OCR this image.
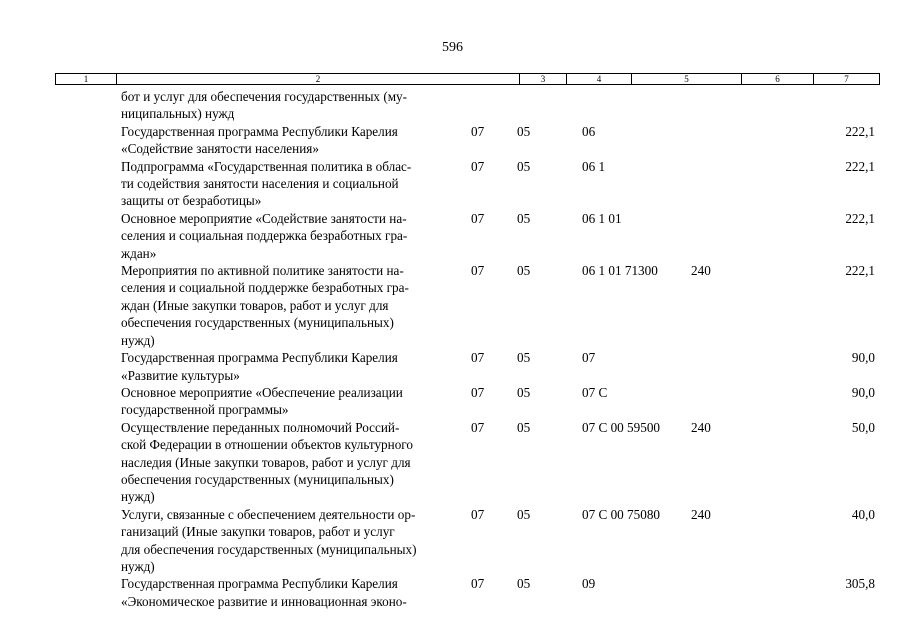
596
1	2	3	4	5	6	7
бот и услуг для обеспечения государственных (му-
ниципальных) нужд
Государственная программа Республики Карелия
«Содействие занятости населения»
07 05	06	222,1
Подпрограмма «Государственная политика в облас-
ти содействия занятости населения и социальной
защиты от безработицы»
07 05	06 1	222,1
Основное мероприятие «Содействие занятости на-
селения и социальная поддержка безработных гра-
ждан»
07 05	06 1 01	222,1
Мероприятия по активной политике занятости на-
селения и социальной поддержке безработных гра-
ждан (Иные закупки товаров, работ и услуг для
обеспечения государственных (муниципальных)
нужд)
07 05	06 1 01 71300	240	222,1
Государственная программа Республики Карелия
«Развитие культуры»
07 05	07	90,0
Основное мероприятие «Обеспечение реализации
государственной программы»
07 05	07 С	90,0
Осуществление переданных полномочий Россий-
ской Федерации в отношении объектов культурного
наследия (Иные закупки товаров, работ и услуг для
обеспечения государственных (муниципальных)
нужд)
07 05	07 С 00 59500 240	50,0
Услуги, связанные с обеспечением деятельности ор-
ганизаций (Иные закупки товаров, работ и услуг
для обеспечения государственных (муниципальных)
нужд)
07 05	07 С 00 75080 240	40,0
Государственная программа Республики Карелия
«Экономическое развитие и инновационная эконо-
07 05	09	305,8
